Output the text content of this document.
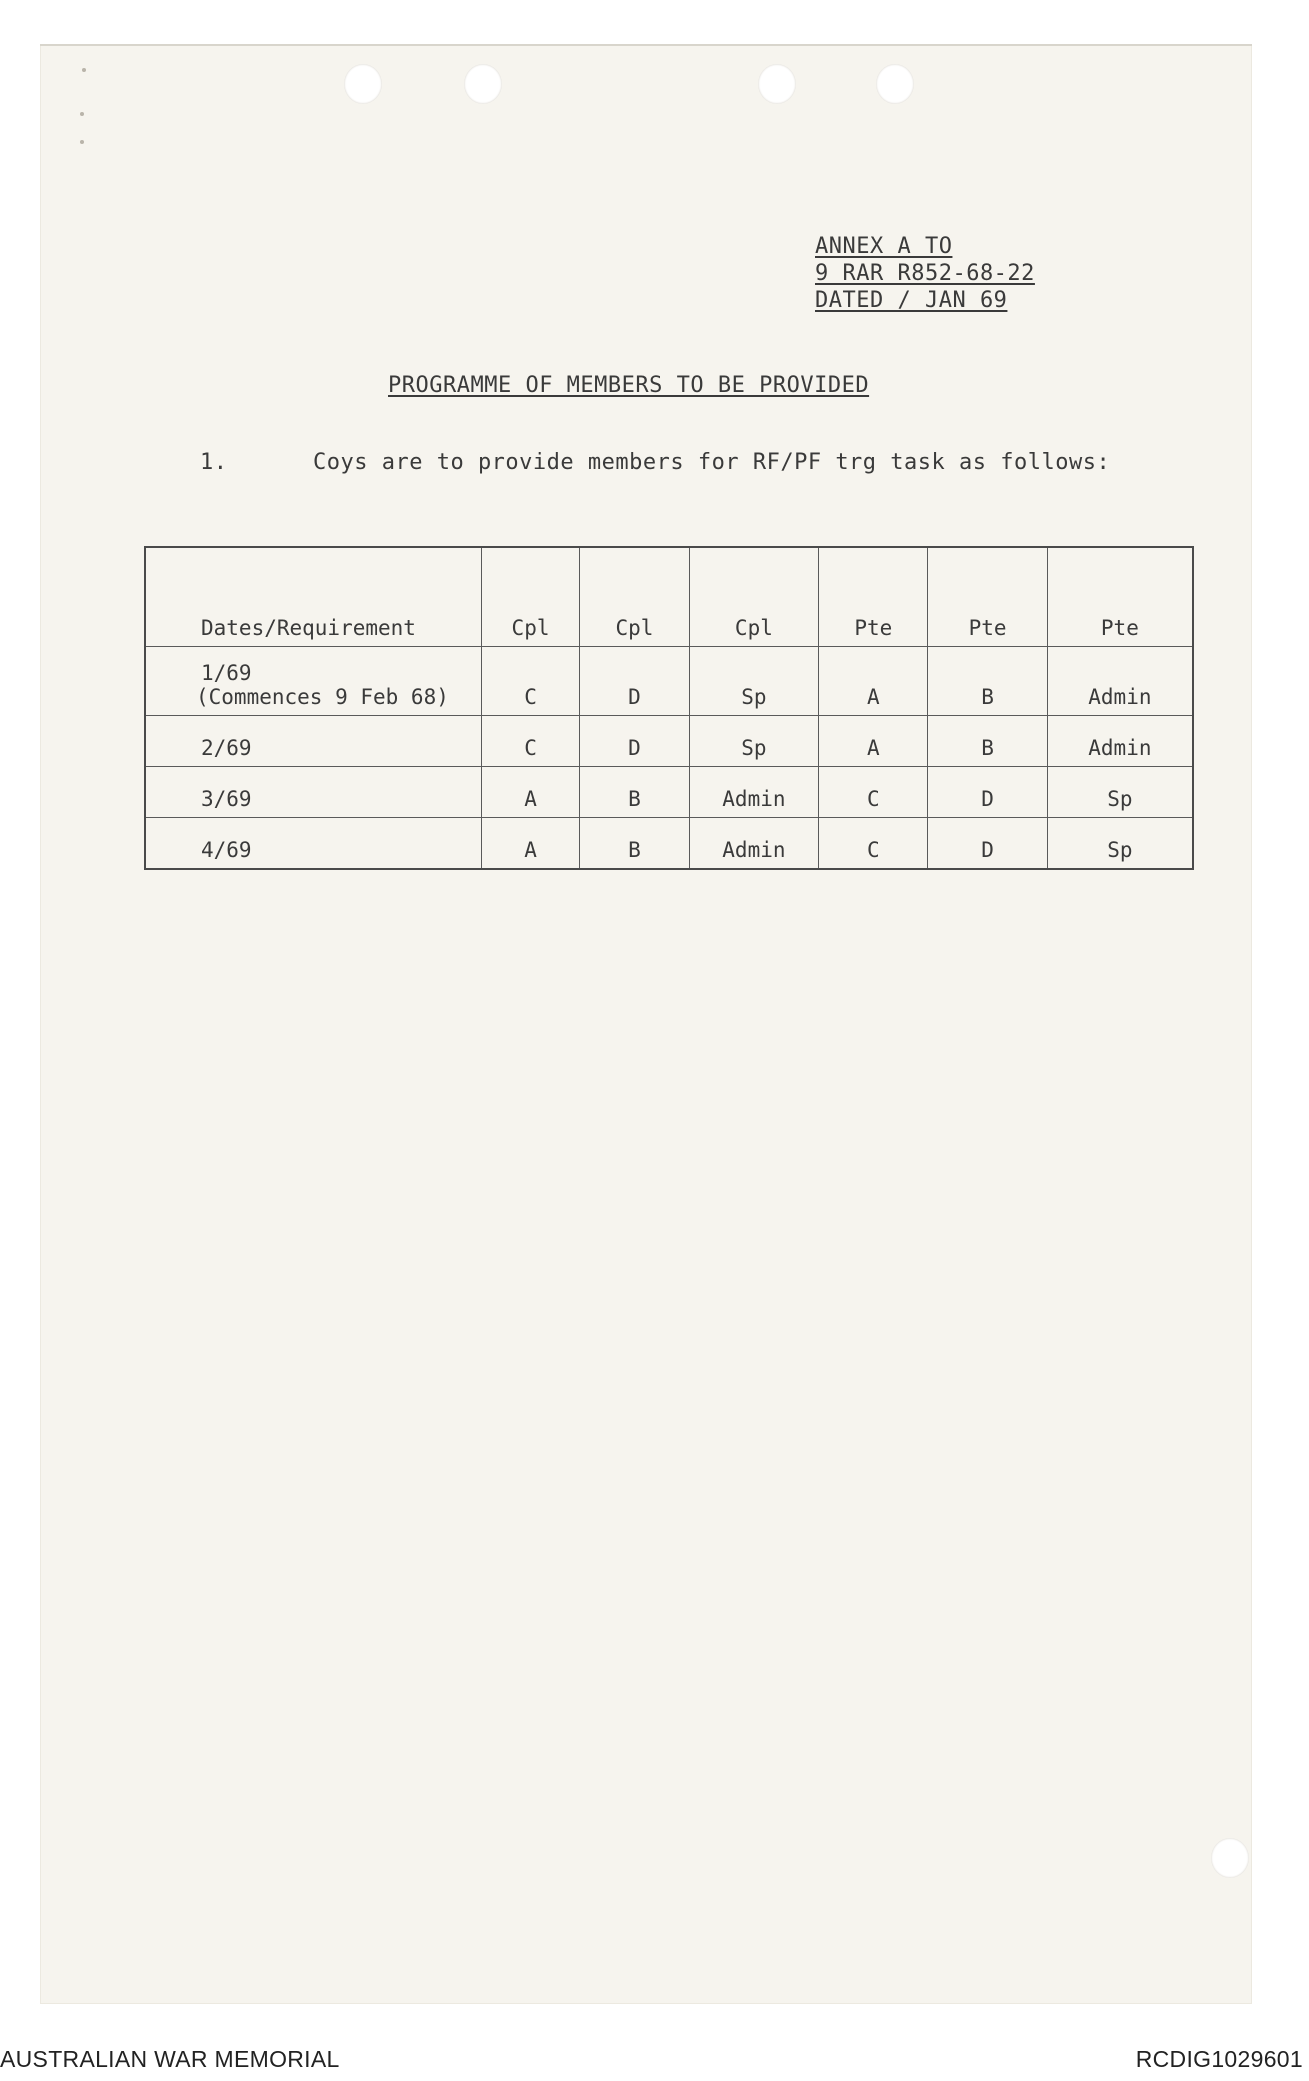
ANNEX A TO
9 RAR R852-68-22
DATED / JAN 69
PROGRAMME OF MEMBERS TO BE PROVIDED
1.	Coys are to provide members for RF/PF trg task as follows:
Dates/Requirement	Cpl	Cpl	Cpl	Pte	Pte	Pte

1/69
(Commences 9 Feb 68)	C	D	Sp	A	B	Admin
2/69	C	D	Sp	A	B	Admin
3/69	A	B	Admin	C	D	Sp
4/69	A	B	Admin	C	D	Sp
AUSTRALIAN WAR MEMORIAL	RCDIG1029601
